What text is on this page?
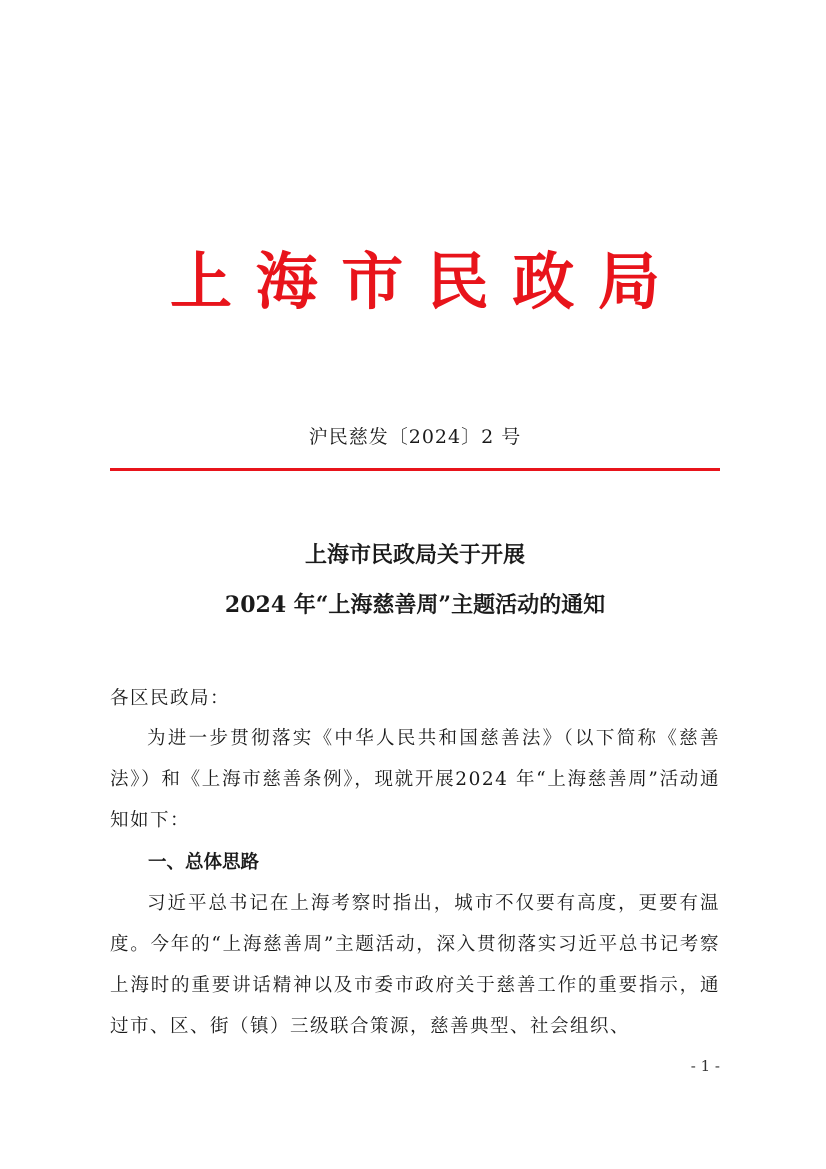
上 海 市 民 政 局
沪民慈发〔2024〕2 号
上海市民政局关于开展
2024 年“上海慈善周”主题活动的通知
各区民政局：
为进一步贯彻落实《中华人民共和国慈善法》（以下简称《慈善法》）和《上海市慈善条例》，现就开展2024 年“上海慈善周”活动通知如下：
一、总体思路
习近平总书记在上海考察时指出，城市不仅要有高度，更要有温度。今年的“上海慈善周”主题活动，深入贯彻落实习近平总书记考察上海时的重要讲话精神以及市委市政府关于慈善工作的重要指示，通过市、区、街（镇）三级联合策源，慈善典型、社会组织、
- 1 -
